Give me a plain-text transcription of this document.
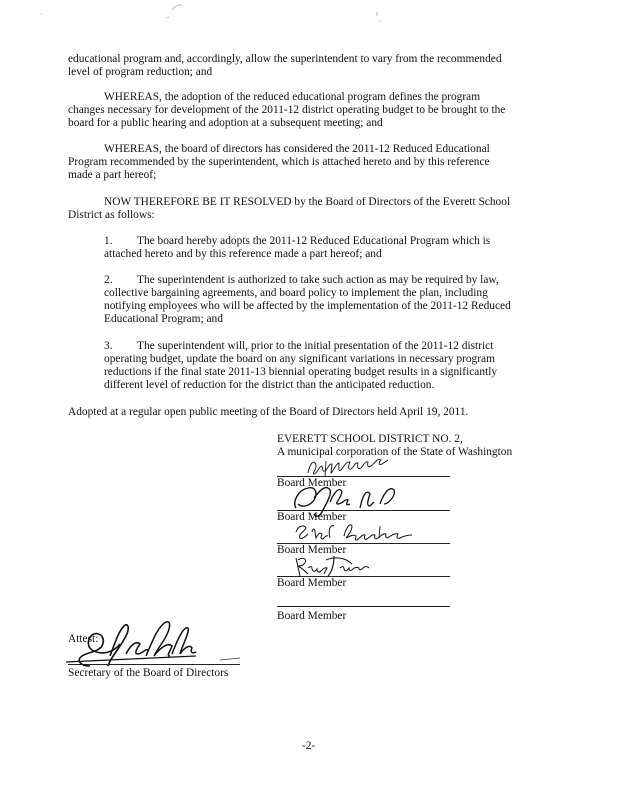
educational program and, accordingly, allow the superintendent to vary from the recommended
level of program reduction; and
WHEREAS, the adoption of the reduced educational program defines the program
changes necessary for development of the 2011-12 district operating budget to be brought to the
board for a public hearing and adoption at a subsequent meeting; and
WHEREAS, the board of directors has considered the 2011-12 Reduced Educational
Program recommended by the superintendent, which is attached hereto and by this reference
made a part hereof;
NOW THEREFORE BE IT RESOLVED by the Board of Directors of the Everett School
District as follows:
1. The board hereby adopts the 2011-12 Reduced Educational Program which is
attached hereto and by this reference made a part hereof; and
2. The superintendent is authorized to take such action as may be required by law,
collective bargaining agreements, and board policy to implement the plan, including
notifying employees who will be affected by the implementation of the 2011-12 Reduced
Educational Program; and
3. The superintendent will, prior to the initial presentation of the 2011-12 district
operating budget, update the board on any significant variations in necessary program
reductions if the final state 2011-13 biennial operating budget results in a significantly
different level of reduction for the district than the anticipated reduction.
Adopted at a regular open public meeting of the Board of Directors held April 19, 2011.
EVERETT SCHOOL DISTRICT NO. 2,
A municipal corporation of the State of Washington
Board Member
Board Member
Board Member
Board Member
Board Member
Attest:
Secretary of the Board of Directors
-2-
